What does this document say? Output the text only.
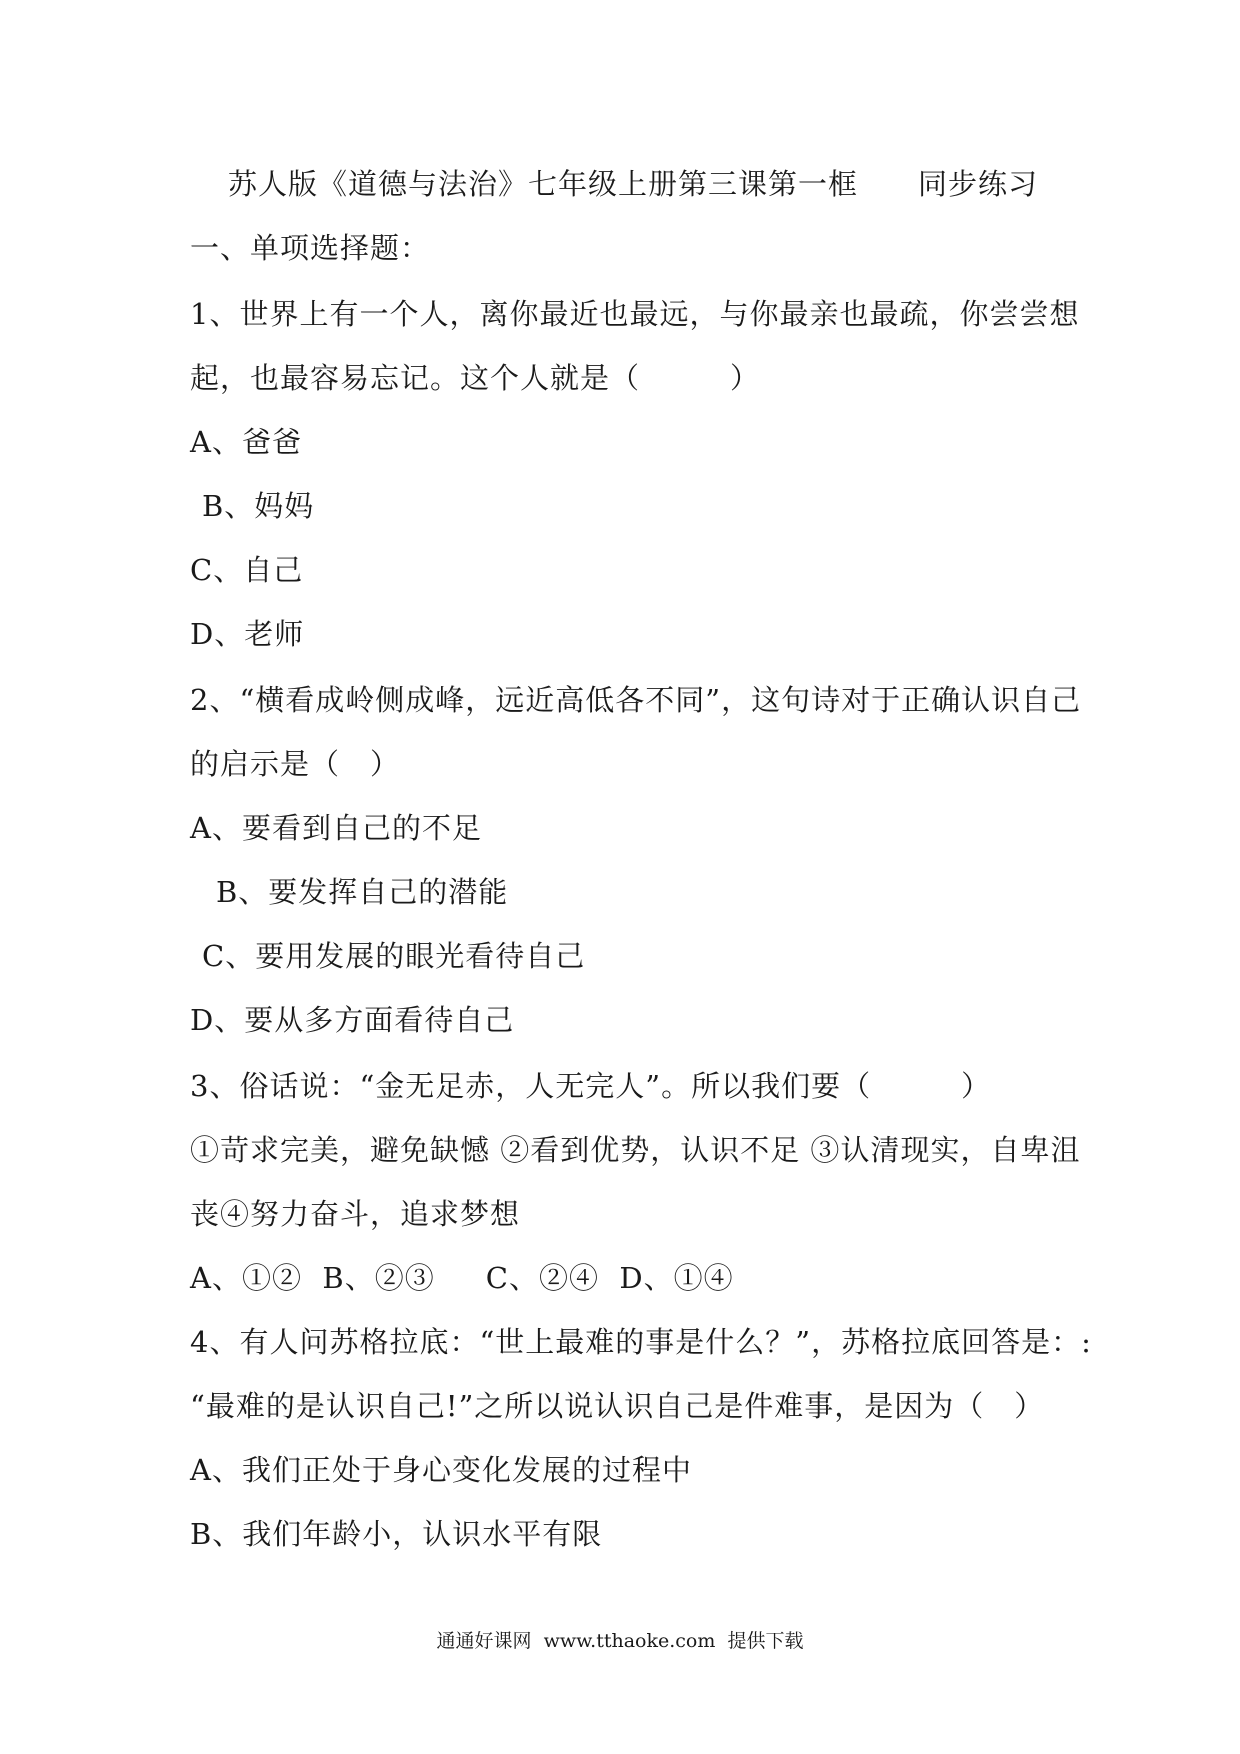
苏人版《道德与法治》七年级上册第三课第一框 同步练习
一、单项选择题：
1、世界上有一个人，离你最近也最远，与你最亲也最疏，你尝尝想
起，也最容易忘记。这个人就是（　　　）
A、爸爸
B、妈妈
C、自己
D、老师
2、“横看成岭侧成峰，远近高低各不同”，这句诗对于正确认识自己
的启示是（　）
A、要看到自己的不足
B、要发挥自己的潜能
C、要用发展的眼光看待自己
D、要从多方面看待自己
3、俗话说：“金无足赤，人无完人”。所以我们要（　　　）
①苛求完美，避免缺憾 ②看到优势，认识不足 ③认清现实，自卑沮
丧④努力奋斗，追求梦想
A、①②  B、②③     C、②④  D、①④
4、有人问苏格拉底：“世上最难的事是什么？”，苏格拉底回答是：:
“最难的是认识自己!”之所以说认识自己是件难事，是因为（　）
A、我们正处于身心变化发展的过程中
B、我们年龄小，认识水平有限
通通好课网  www.tthaoke.com  提供下载
